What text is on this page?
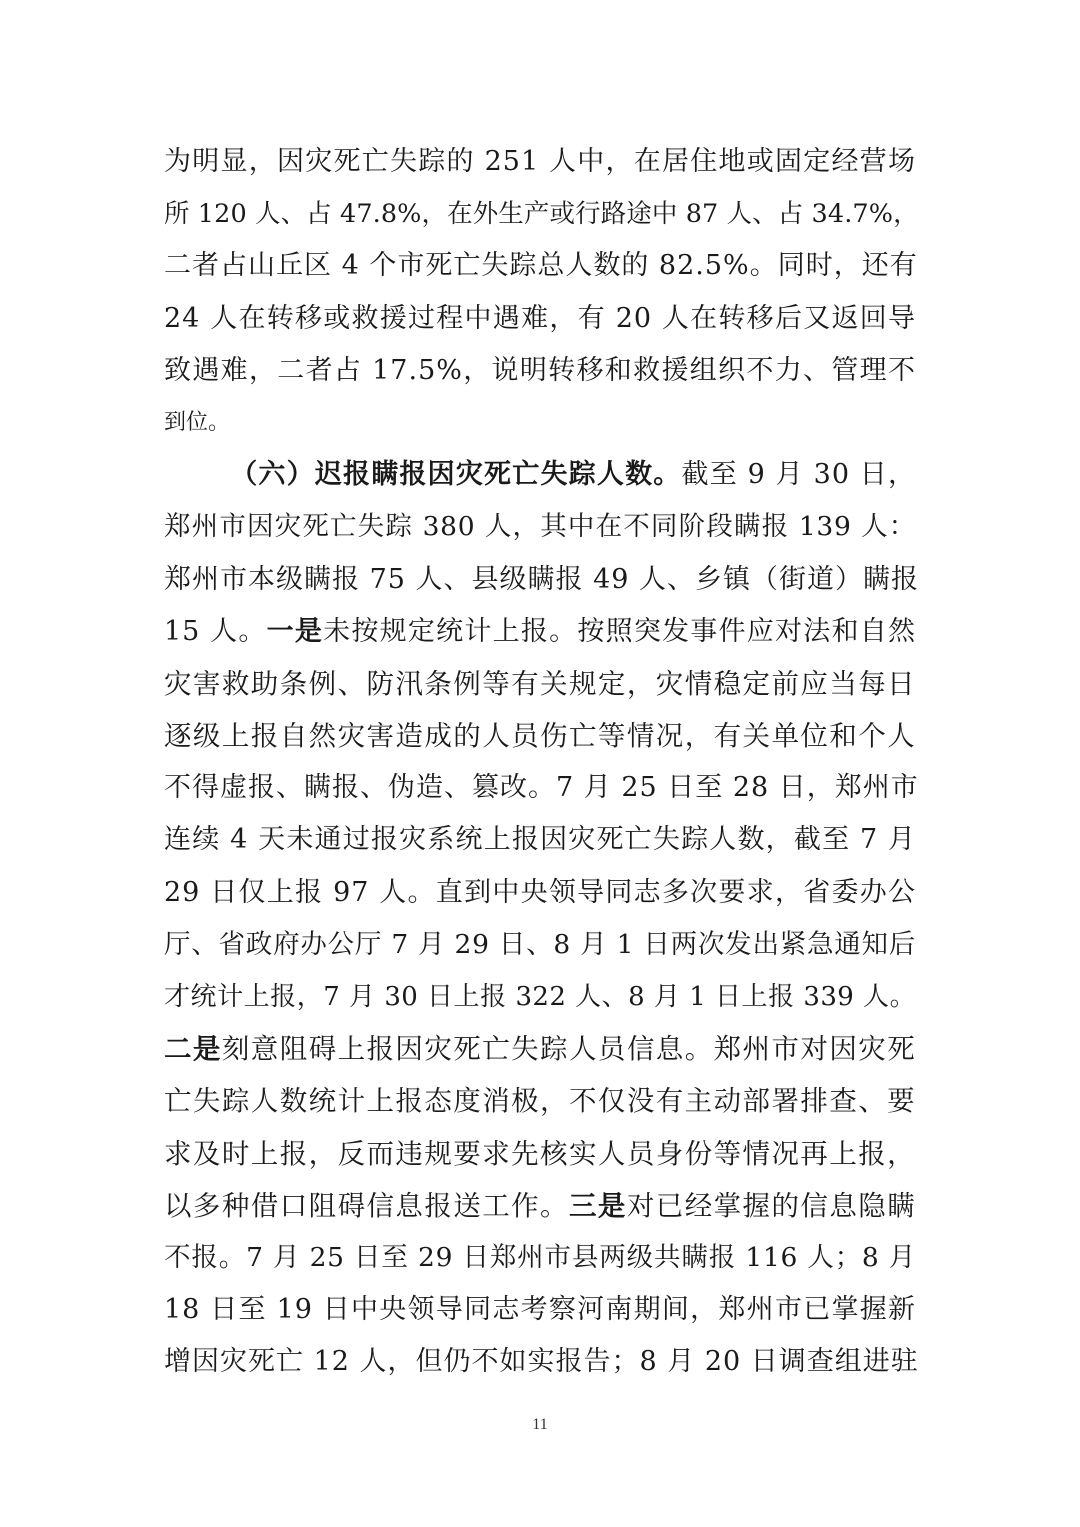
为明显，因灾死亡失踪的 251 人中，在居住地或固定经营场
所 120 人、占 47.8%，在外生产或行路途中 87 人、占 34.7%，
二者占山丘区 4 个市死亡失踪总人数的 82.5%。同时，还有
24 人在转移或救援过程中遇难，有 20 人在转移后又返回导
致遇难，二者占 17.5%，说明转移和救援组织不力、管理不
到位。
（六）迟报瞒报因灾死亡失踪人数。截至 9 月 30 日，
郑州市因灾死亡失踪 380 人，其中在不同阶段瞒报 139 人：
郑州市本级瞒报 75 人、县级瞒报 49 人、乡镇（街道）瞒报
15 人。一是未按规定统计上报。按照突发事件应对法和自然
灾害救助条例、防汛条例等有关规定，灾情稳定前应当每日
逐级上报自然灾害造成的人员伤亡等情况，有关单位和个人
不得虚报、瞒报、伪造、篡改。7 月 25 日至 28 日，郑州市
连续 4 天未通过报灾系统上报因灾死亡失踪人数，截至 7 月
29 日仅上报 97 人。直到中央领导同志多次要求，省委办公
厅、省政府办公厅 7 月 29 日、8 月 1 日两次发出紧急通知后
才统计上报，7 月 30 日上报 322 人、8 月 1 日上报 339 人。
二是刻意阻碍上报因灾死亡失踪人员信息。郑州市对因灾死
亡失踪人数统计上报态度消极，不仅没有主动部署排查、要
求及时上报，反而违规要求先核实人员身份等情况再上报，
以多种借口阻碍信息报送工作。三是对已经掌握的信息隐瞒
不报。7 月 25 日至 29 日郑州市县两级共瞒报 116 人；8 月
18 日至 19 日中央领导同志考察河南期间，郑州市已掌握新
增因灾死亡 12 人，但仍不如实报告；8 月 20 日调查组进驻
11
